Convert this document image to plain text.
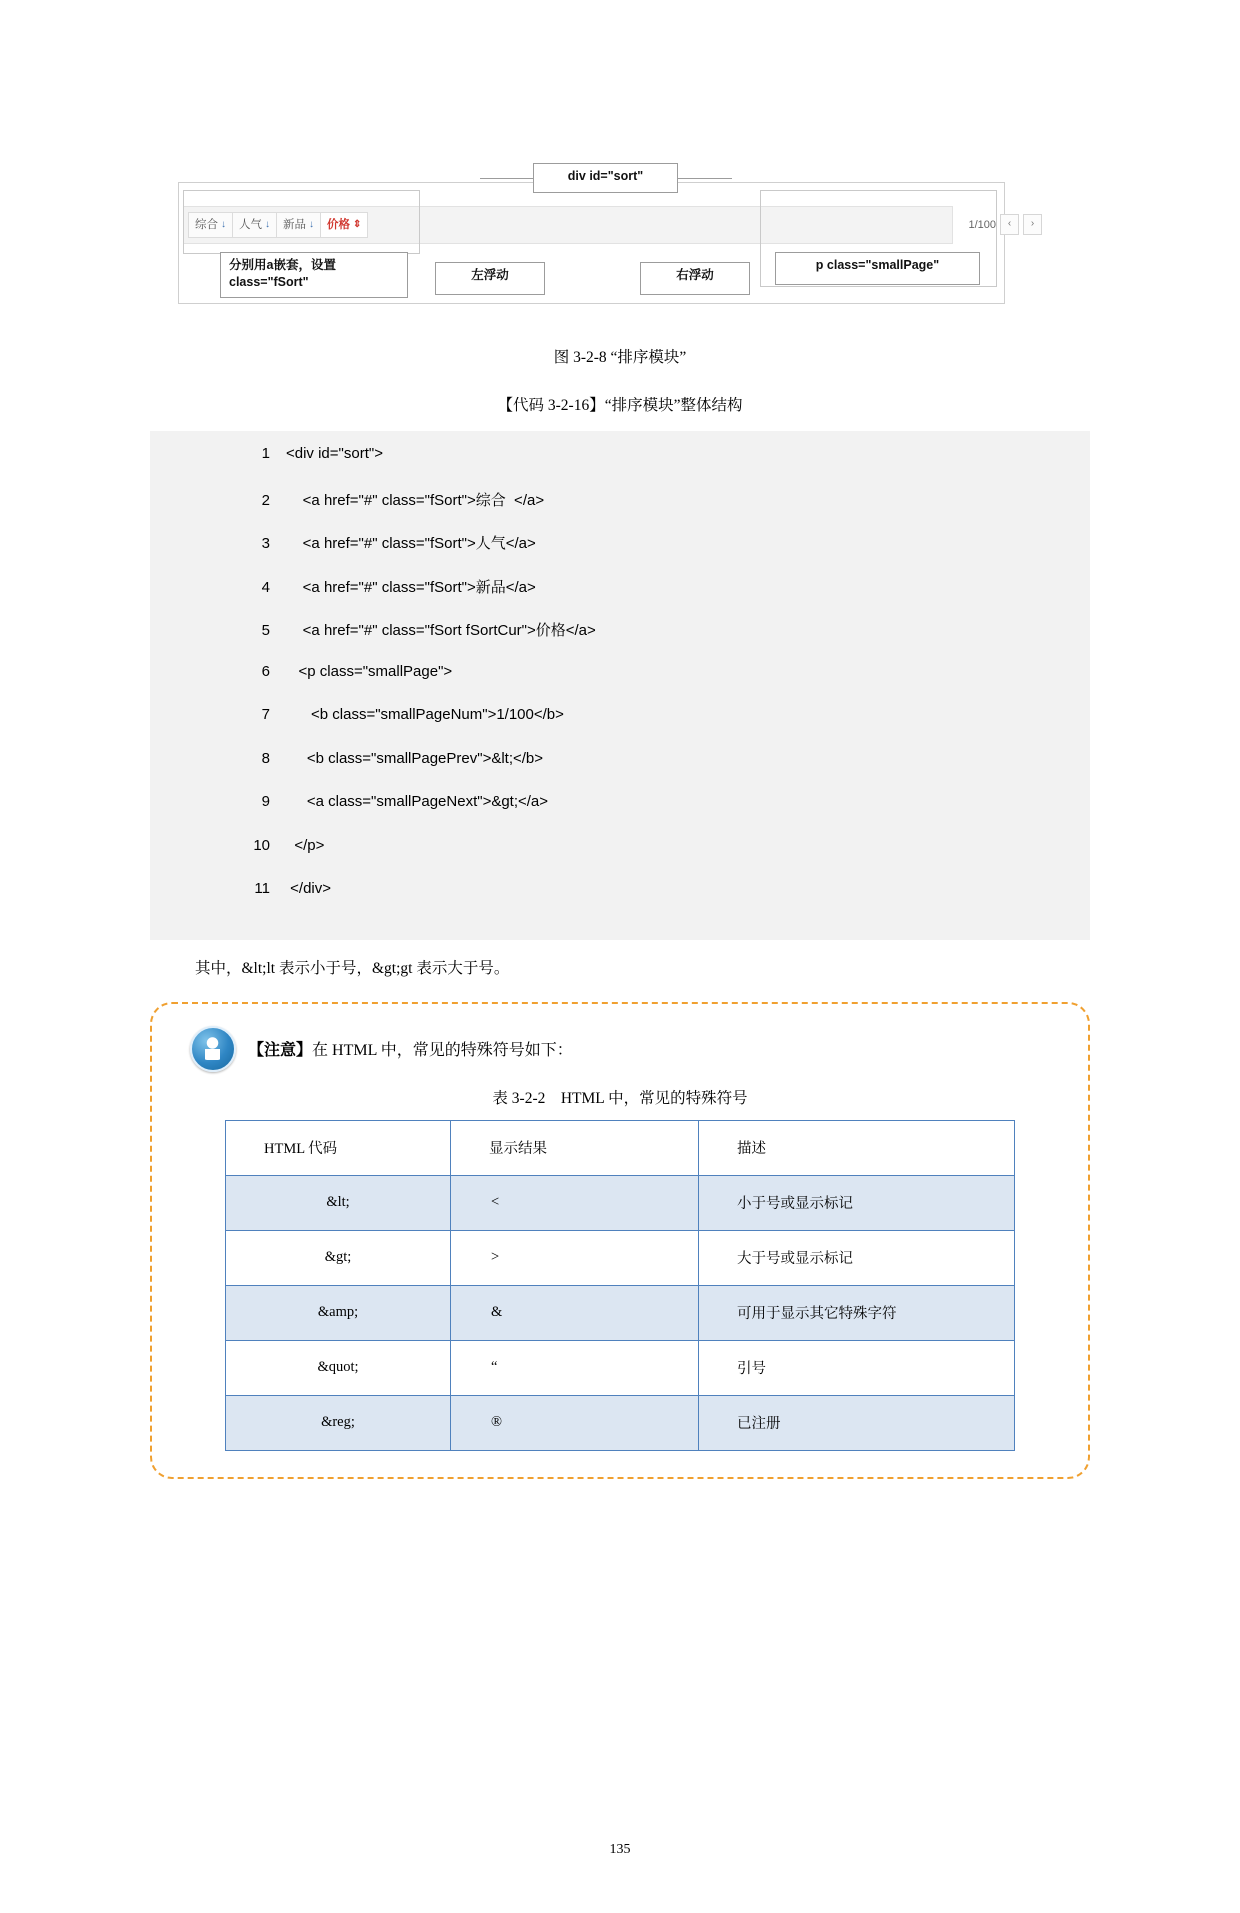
综合 ↓ 人气 ↓ 新品 ↓ 价格 ⇕	1/100	‹	›
div id="sort"
p class="smallPage"
分别用a嵌套，设置 class="fSort"	左浮动	右浮动
图 3-2-8 “排序模块”
【代码 3-2-16】“排序模块”整体结构
1	<div id="sort">
2	<a href="#" class="fSort">综合  </a>
3	<a href="#" class="fSort">人气</a>
4	<a href="#" class="fSort">新品</a>
5	<a href="#" class="fSort fSortCur">价格</a>
6	<p class="smallPage">
7	<b class="smallPageNum">1/100</b>
8	<b class="smallPagePrev">&lt;</b>
9	<a class="smallPageNext">&gt;</a>
10	</p>
11	</div>
其中，&lt;lt 表示小于号，&gt;gt 表示大于号。
【注意】在 HTML 中，常见的特殊符号如下：
表 3-2-2　HTML 中，常见的特殊符号
HTML 代码	显示结果	描述
&lt;	<	小于号或显示标记
&gt;	>	大于号或显示标记
&amp;	&	可用于显示其它特殊字符
&quot;	“	引号
&reg;	®	已注册
135
